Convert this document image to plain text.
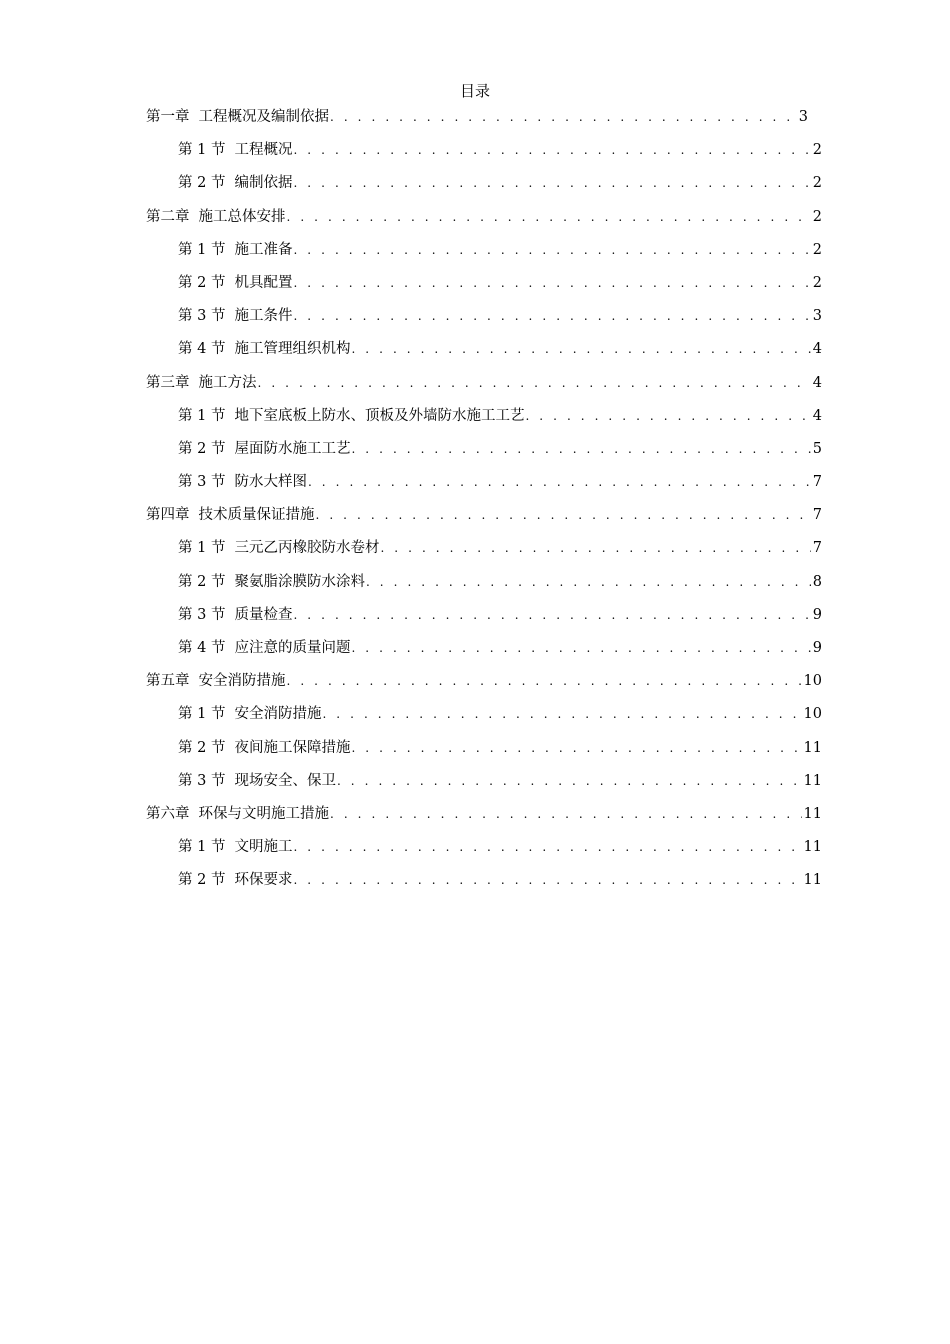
目录
第一章 工程概况及编制依据 . . .	3
第 1 节 工程概况 . . .	2
第 2 节 编制依据 . . .	2
第二章 施工总体安排 . . .	2
第 1 节 施工准备 . . .	2
第 2 节 机具配置 . . .	2
第 3 节 施工条件 . . .	3
第 4 节 施工管理组织机构 . . .	4
第三章 施工方法 . . .	4
第 1 节 地下室底板上防水、顶板及外墙防水施工工艺 . . .	4
第 2 节 屋面防水施工工艺 . . .	5
第 3 节 防水大样图 . . .	7
第四章 技术质量保证措施 . . .	7
第 1 节 三元乙丙橡胶防水卷材 . . .	7
第 2 节 聚氨脂涂膜防水涂料 . . .	8
第 3 节 质量检查 . . .	9
第 4 节 应注意的质量问题 . . .	9
第五章 安全消防措施 . . .	10
第 1 节 安全消防措施 . . .	10
第 2 节 夜间施工保障措施 . . .	11
第 3 节 现场安全、保卫 . . .	11
第六章 环保与文明施工措施 . . .	11
第 1 节 文明施工 . . .	11
第 2 节 环保要求 . . .	11
